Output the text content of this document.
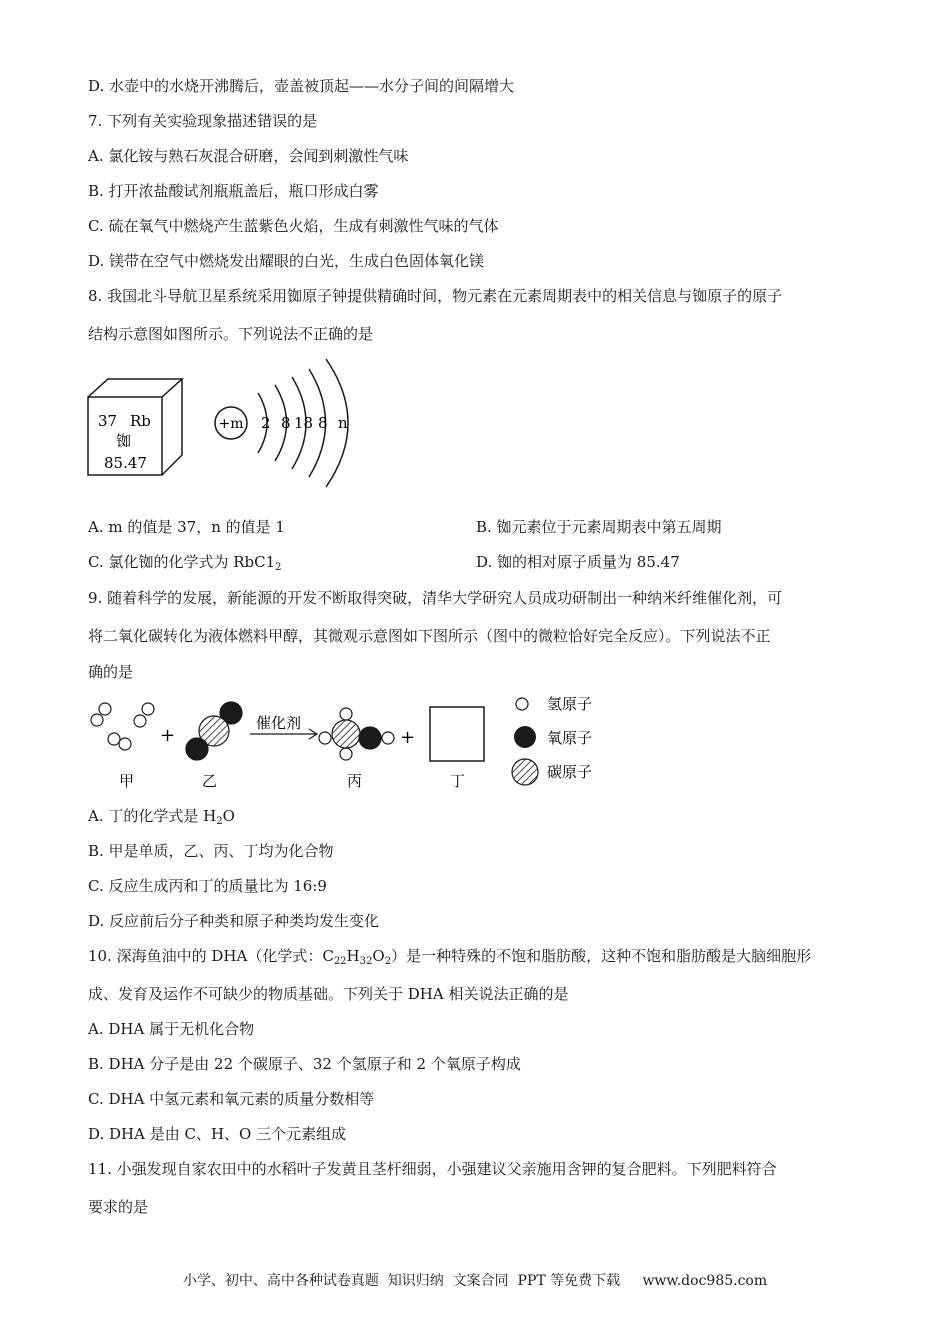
D. 水壶中的水烧开沸腾后，壶盖被顶起——水分子间的间隔增大
7. 下列有关实验现象描述错误的是
A. 氯化铵与熟石灰混合研磨，会闻到刺激性气味
B. 打开浓盐酸试剂瓶瓶盖后，瓶口形成白雾
C. 硫在氧气中燃烧产生蓝紫色火焰，生成有刺激性气味的气体
D. 镁带在空气中燃烧发出耀眼的白光，生成白色固体氧化镁
8. 我国北斗导航卫星系统采用铷原子钟提供精确时间，物元素在元素周期表中的相关信息与铷原子的原子
结构示意图如图所示。下列说法不正确的是
37 Rb
铷
85.47
+m 2 8 18 8 n
A. m 的值是 37，n 的值是 1	B. 铷元素位于元素周期表中第五周期
C. 氯化铷的化学式为 $RbC1_2$	D. 铷的相对原子质量为 85.47
9. 随着科学的发展，新能源的开发不断取得突破，清华大学研究人员成功研制出一种纳米纤维催化剂，可
将二氧化碳转化为液体燃料甲醇，其微观示意图如下图所示（图中的微粒恰好完全反应）。下列说法不正
确的是
+
催化剂
+
甲	乙	丙	丁
氢原子
氧原子
碳原子
A. 丁的化学式是 $H_2O$
B. 甲是单质，乙、丙、丁均为化合物
C. 反应生成丙和丁的质量比为 16:9
D. 反应前后分子种类和原子种类均发生变化
10. 深海鱼油中的 DHA（化学式：$C_{22}H_{32}O_2$）是一种特殊的不饱和脂肪酸，这种不饱和脂肪酸是大脑细胞形
成、发育及运作不可缺少的物质基础。下列关于 DHA 相关说法正确的是
A. DHA 属于无机化合物
B. DHA 分子是由 22 个碳原子、32 个氢原子和 2 个氧原子构成
C. DHA 中氢元素和氧元素的质量分数相等
D. DHA 是由 C、H、O 三个元素组成
11. 小强发现自家农田中的水稻叶子发黄且茎杆细弱，小强建议父亲施用含钾的复合肥料。下列肥料符合
要求的是
小学、初中、高中各种试卷真题  知识归纳  文案合同  PPT 等免费下载     www.doc985.com
